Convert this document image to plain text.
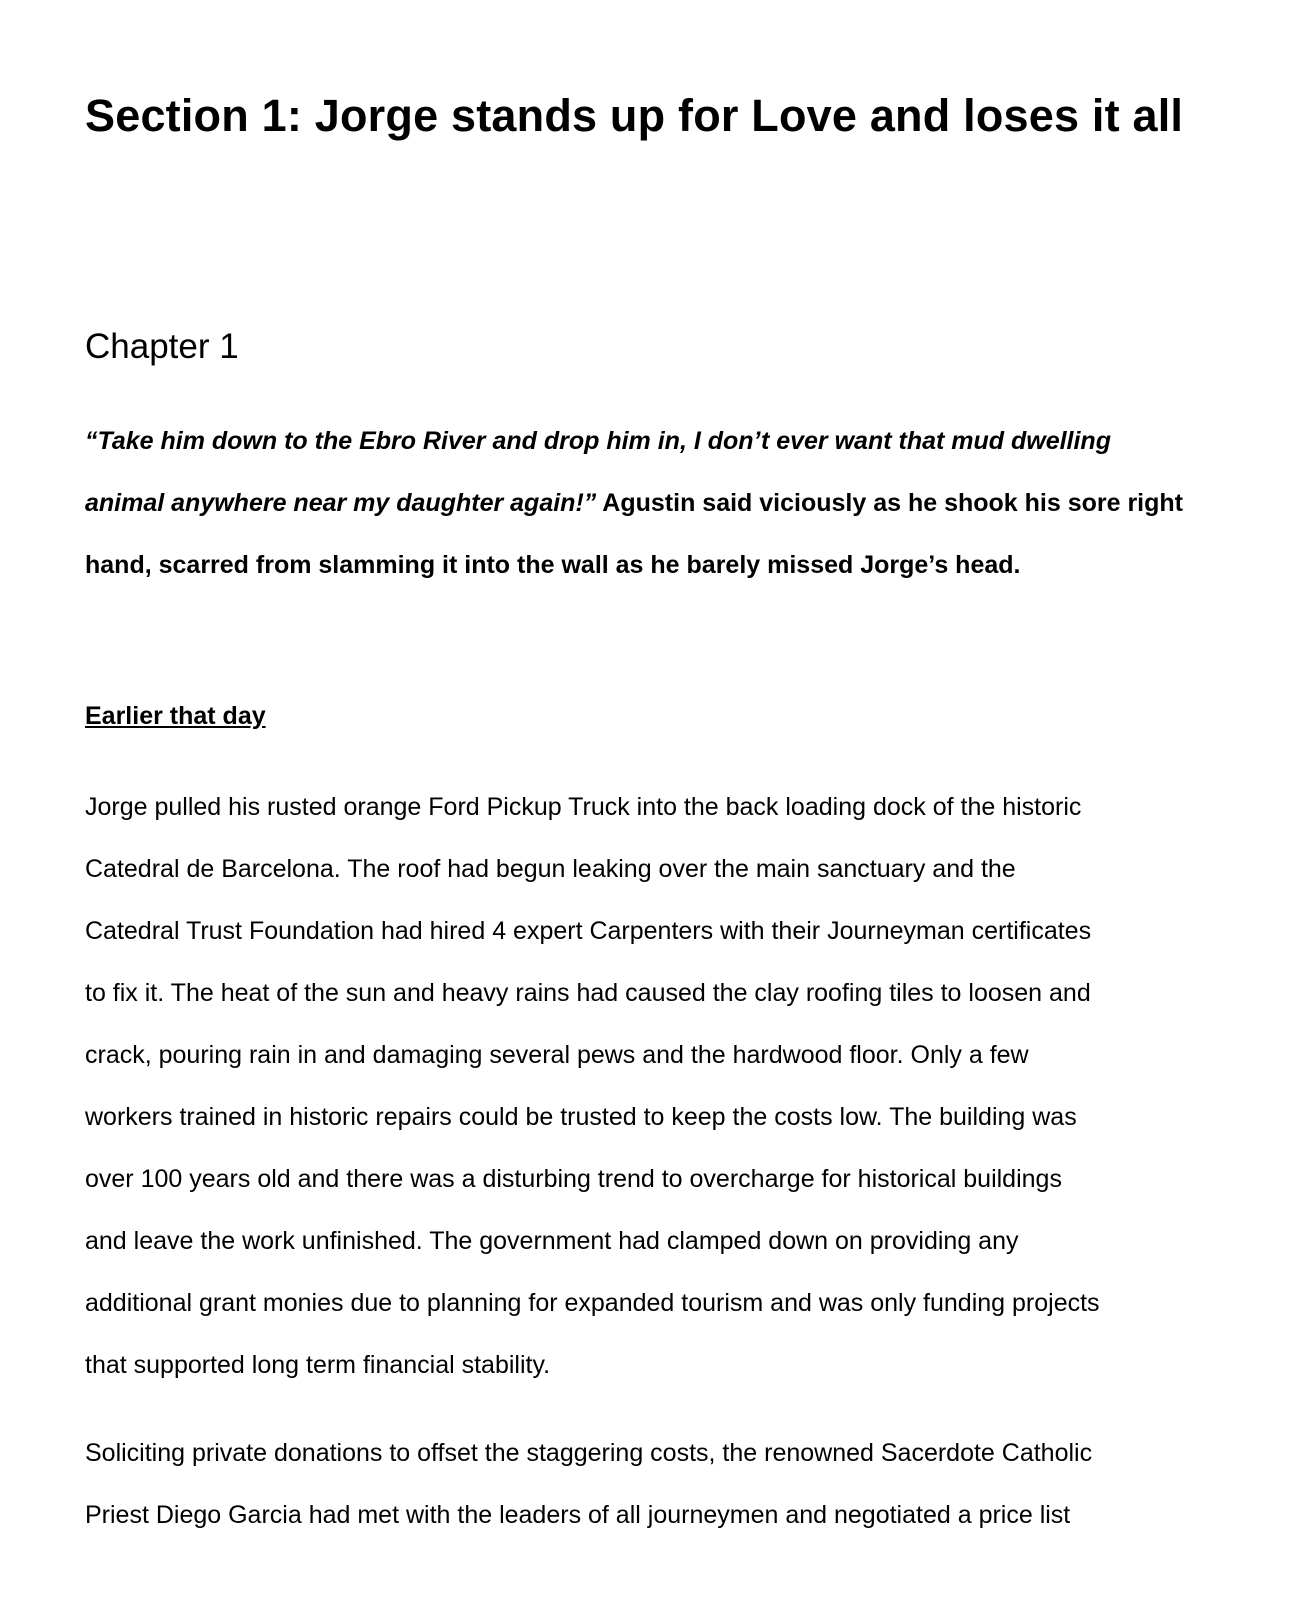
Section 1: Jorge stands up for Love and loses it all
Chapter 1

“Take him down to the Ebro River and drop him in, I don’t ever want that mud dwelling animal anywhere near my daughter again!” Agustin said viciously as he shook his sore right hand, scarred from slamming it into the wall as he barely missed Jorge’s head.

Earlier that day

Jorge pulled his rusted orange Ford Pickup Truck into the back loading dock of the historic
Catedral de Barcelona. The roof had begun leaking over the main sanctuary and the
Catedral Trust Foundation had hired 4 expert Carpenters with their Journeyman certificates
to fix it. The heat of the sun and heavy rains had caused the clay roofing tiles to loosen and
crack, pouring rain in and damaging several pews and the hardwood floor. Only a few
workers trained in historic repairs could be trusted to keep the costs low. The building was
over 100 years old and there was a disturbing trend to overcharge for historical buildings
and leave the work unfinished. The government had clamped down on providing any
additional grant monies due to planning for expanded tourism and was only funding projects
that supported long term financial stability.

Soliciting private donations to offset the staggering costs, the renowned Sacerdote Catholic
Priest Diego Garcia had met with the leaders of all journeymen and negotiated a price list
